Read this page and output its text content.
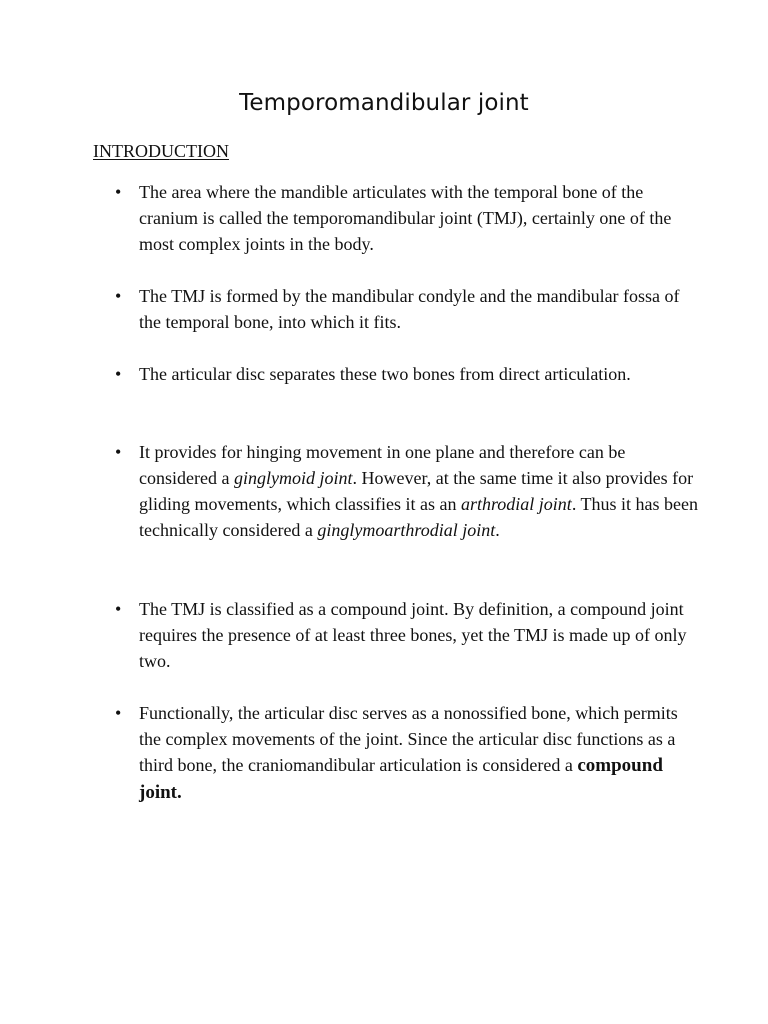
Temporomandibular joint

INTRODUCTION

• The area where the mandible articulates with the temporal bone of the cranium is called the temporomandibular joint (TMJ), certainly one of the most complex joints in the body.
• The TMJ is formed by the mandibular condyle and the mandibular fossa of the temporal bone, into which it fits.
• The articular disc separates these two bones from direct articulation.
• It provides for hinging movement in one plane and therefore can be considered a ginglymoid joint. However, at the same time it also provides for gliding movements, which classifies it as an arthrodial joint. Thus it has been technically considered a ginglymoarthrodial joint.
• The TMJ is classified as a compound joint. By definition, a compound joint requires the presence of at least three bones, yet the TMJ is made up of only two.
• Functionally, the articular disc serves as a nonossified bone, which permits the complex movements of the joint. Since the articular disc functions as a third bone, the craniomandibular articulation is considered a compound joint.
